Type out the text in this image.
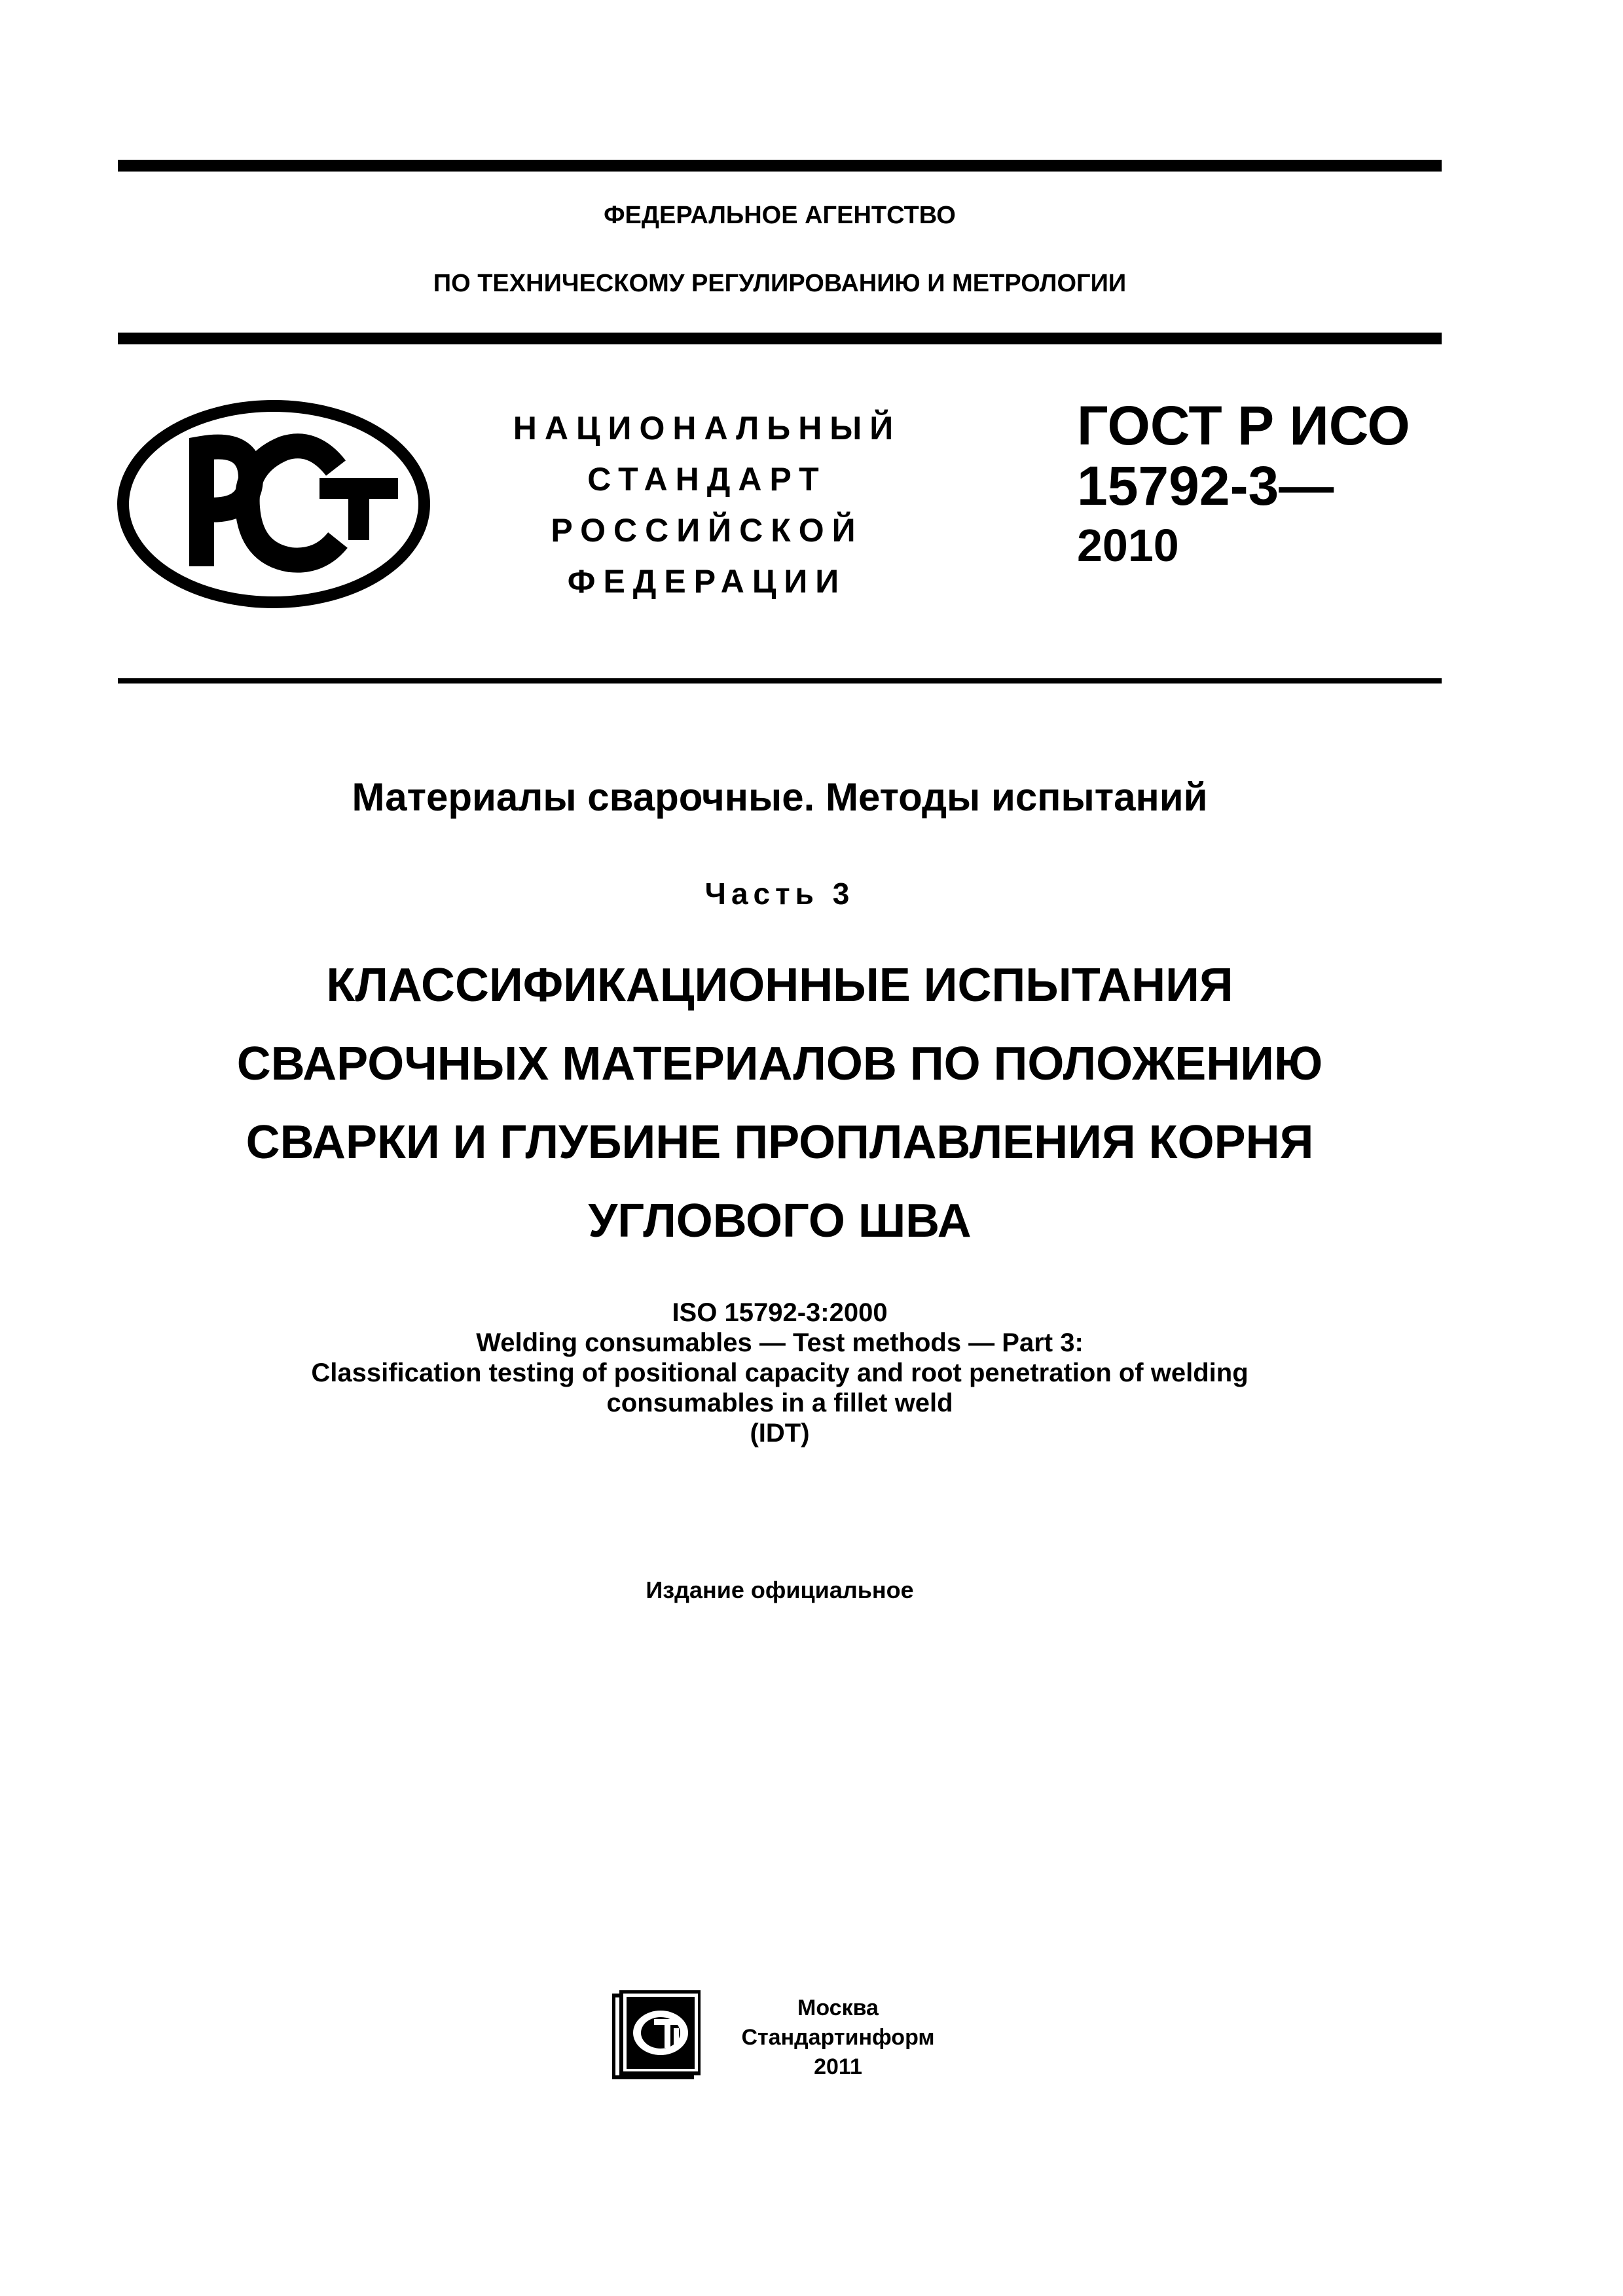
ФЕДЕРАЛЬНОЕ АГЕНТСТВО
ПО ТЕХНИЧЕСКОМУ РЕГУЛИРОВАНИЮ И МЕТРОЛОГИИ
НАЦИОНАЛЬНЫЙ
СТАНДАРТ
РОССИЙСКОЙ
ФЕДЕРАЦИИ
ГОСТ Р ИСО
15792-3—
2010
Материалы сварочные. Методы испытаний
Часть 3
КЛАССИФИКАЦИОННЫЕ ИСПЫТАНИЯ
СВАРОЧНЫХ МАТЕРИАЛОВ ПО ПОЛОЖЕНИЮ
СВАРКИ И ГЛУБИНЕ ПРОПЛАВЛЕНИЯ КОРНЯ
УГЛОВОГО ШВА
ISO 15792-3:2000
Welding consumables — Test methods — Part 3:
Classification testing of positional capacity and root penetration of welding
consumables in a fillet weld
(IDT)
Издание официальное
Москва
Стандартинформ
2011
